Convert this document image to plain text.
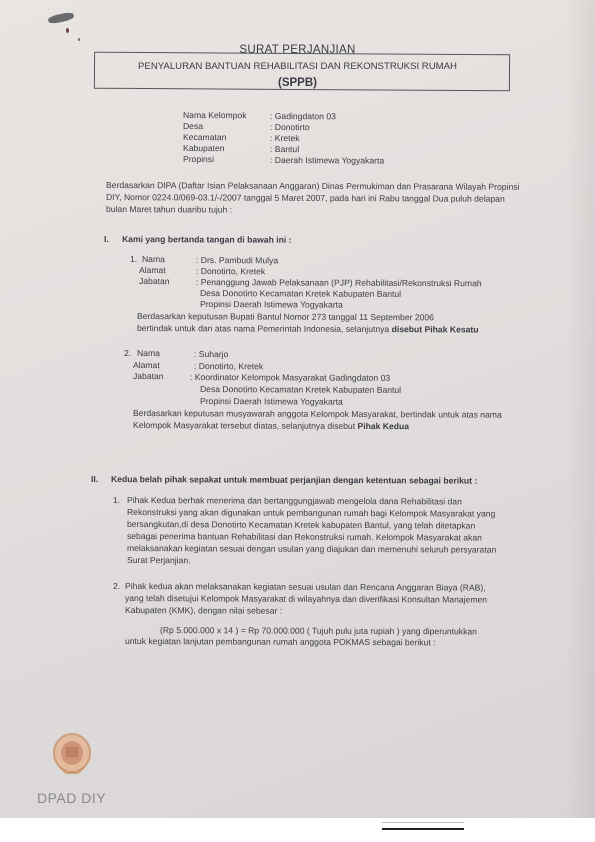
SURAT PERJANJIAN
PENYALURAN BANTUAN REHABILITASI DAN REKONSTRUKSI RUMAH
(SPPB)
Nama Kelompok	: Gadingdaton 03
Desa	: Donotirto
Kecamatan	: Kretek
Kabupaten	: Bantul
Propinsi	: Daerah Istimewa Yogyakarta
Berdasarkan DIPA (Daftar Isian Pelaksanaan Anggaran) Dinas Permukiman dan Prasarana Wilayah Propinsi
DIY, Nomor 0224.0/069-03.1/-/2007 tanggal 5 Maret 2007, pada hari ini Rabu tanggal Dua puluh delapan
bulan Maret tahun duaribu tujuh :
I. Kami yang bertanda tangan di bawah ini :
1. Nama	: Drs. Pambudi Mulya
Alamat	: Donotirto, Kretek
Jabatan	: Penanggung Jawab Pelaksanaan (PJP) Rehabilitasi/Rekonstruksi Rumah
Desa Donotirto Kecamatan Kretek Kabupaten Bantul
Propinsi Daerah Istimewa Yogyakarta
Berdasarkan keputusan Bupati Bantul Nomor 273 tanggal 11 September 2006
bertindak untuk dan atas nama Pemerintah Indonesia, selanjutnya disebut Pihak Kesatu
2. Nama	: Suharjo
Alamat	: Donotirto, Kretek
Jabatan	: Koordinator Kelompok Masyarakat Gadingdaton 03
Desa Donotirto Kecamatan Kretek Kabupaten Bantul
Propinsi Daerah Istimewa Yogyakarta
Berdasarkan keputusan musyawarah anggota Kelompok Masyarakat, bertindak untuk atas nama
Kelompok Masyarakat tersebut diatas, selanjutnya disebut Pihak Kedua
II. Kedua belah pihak sepakat untuk membuat perjanjian dengan ketentuan sebagai berikut :
1. Pihak Kedua berhak menerima dan bertanggungjawab mengelola dana Rehabilitasi dan
Rekonstruksi yang akan digunakan untuk pembangunan rumah bagi Kelompok Masyarakat yang
bersangkutan,di desa Donotirto Kecamatan Kretek kabupaten Bantul, yang telah ditetapkan
sebagai penerima bantuan Rehabilitasi dan Rekonstruksi rumah. Kelompok Masyarakat akan
melaksanakan kegiatan sesuai dengan usulan yang diajukan dan memenuhi seluruh persyaratan
Surat Perjanjian.
2. Pihak kedua akan melaksanakan kegiatan sesuai usulan dan Rencana Anggaran Biaya (RAB),
yang telah disetujui Kelompok Masyarakat di wilayahnya dan diverifikasi Konsultan Manajemen
Kabupaten (KMK), dengan nilai sebesar :
(Rp 5.000.000 x 14 ) = Rp 70.000.000 ( Tujuh pulu juta rupiah ) yang diperuntukkan
untuk kegiatan lanjutan pembangunan rumah anggota POKMAS sebagai berikut :
DPAD DIY
